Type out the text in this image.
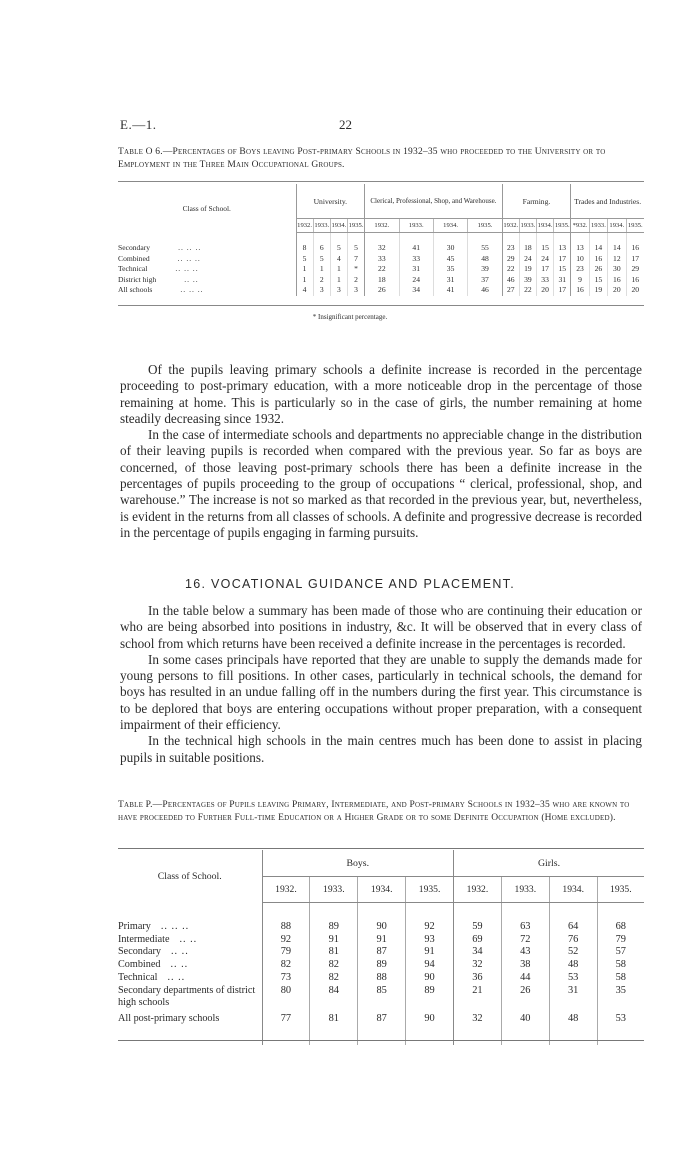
E.—1.	22
Table O 6.—Percentages of Boys leaving Post-primary Schools in 1932–35 who proceeded to the University or to Employment in the Three Main Occupational Groups.
Class of School.	University.				Clerical, Professional, Shop, and Warehouse.				Farming.				Trades and Industries.			
	1932.	1933.	1934.	1935.	1932.	1933.	1934.	1935.	1932.	1933.	1934.	1935.	*932.	1933.	1934.	1935.
Secondary .. .. ..	8	6	5	5	32	41	30	55	23	18	15	13	13	14	14	16
Combined .. .. ..	5	5	4	7	33	33	45	48	29	24	24	17	10	16	12	17
Technical .. .. ..	1	1	1	*	22	31	35	39	22	19	17	15	23	26	30	29
District high .. ..	1	2	1	2	18	24	31	37	46	39	33	31	9	15	16	16
All schools .. .. ..	4	3	3	3	26	34	41	46	27	22	20	17	16	19	20	20
* Insignificant percentage.

Of the pupils leaving primary schools a definite increase is recorded in the percentage proceeding to post-primary education, with a more noticeable drop in the percentage of those remaining at home. This is particularly so in the case of girls, the number remaining at home steadily decreasing since 1932.

In the case of intermediate schools and departments no appreciable change in the distribution of their leaving pupils is recorded when compared with the previous year. So far as boys are concerned, of those leaving post-primary schools there has been a definite increase in the percentages of pupils proceeding to the group of occupations “ clerical, professional, shop, and warehouse.” The increase is not so marked as that recorded in the previous year, but, nevertheless, is evident in the returns from all classes of schools. A definite and progressive decrease is recorded in the percentage of pupils engaging in farming pursuits.

16. VOCATIONAL GUIDANCE AND PLACEMENT.

In the table below a summary has been made of those who are continuing their education or who are being absorbed into positions in industry, &c. It will be observed that in every class of school from which returns have been received a definite increase in the percentages is recorded.

In some cases principals have reported that they are unable to supply the demands made for young persons to fill positions. In other cases, particularly in technical schools, the demand for boys has resulted in an undue falling off in the numbers during the first year. This circumstance is to be deplored that boys are entering occupations without proper preparation, with a consequent impairment of their efficiency.

In the technical high schools in the main centres much has been done to assist in placing pupils in suitable positions.

Table P.—Percentages of Pupils leaving Primary, Intermediate, and Post-primary Schools in 1932–35 who are known to have proceeded to Further Full-time Education or a Higher Grade or to some Definite Occupation (Home excluded).
Class of School.	Boys.				Girls.			
	1932.	1933.	1934.	1935.	1932.	1933.	1934.	1935.
Primary .. .. ..	88	89	90	92	59	63	64	68
Intermediate .. ..	92	91	91	93	69	72	76	79
Secondary .. ..	79	81	87	91	34	43	52	57
Combined .. ..	82	82	89	94	32	38	48	58
Technical .. ..	73	82	88	90	36	44	53	58
Secondary departments of district high schools	80	84	85	89	21	26	31	35
All post-primary schools	77	81	87	90	32	40	48	53
